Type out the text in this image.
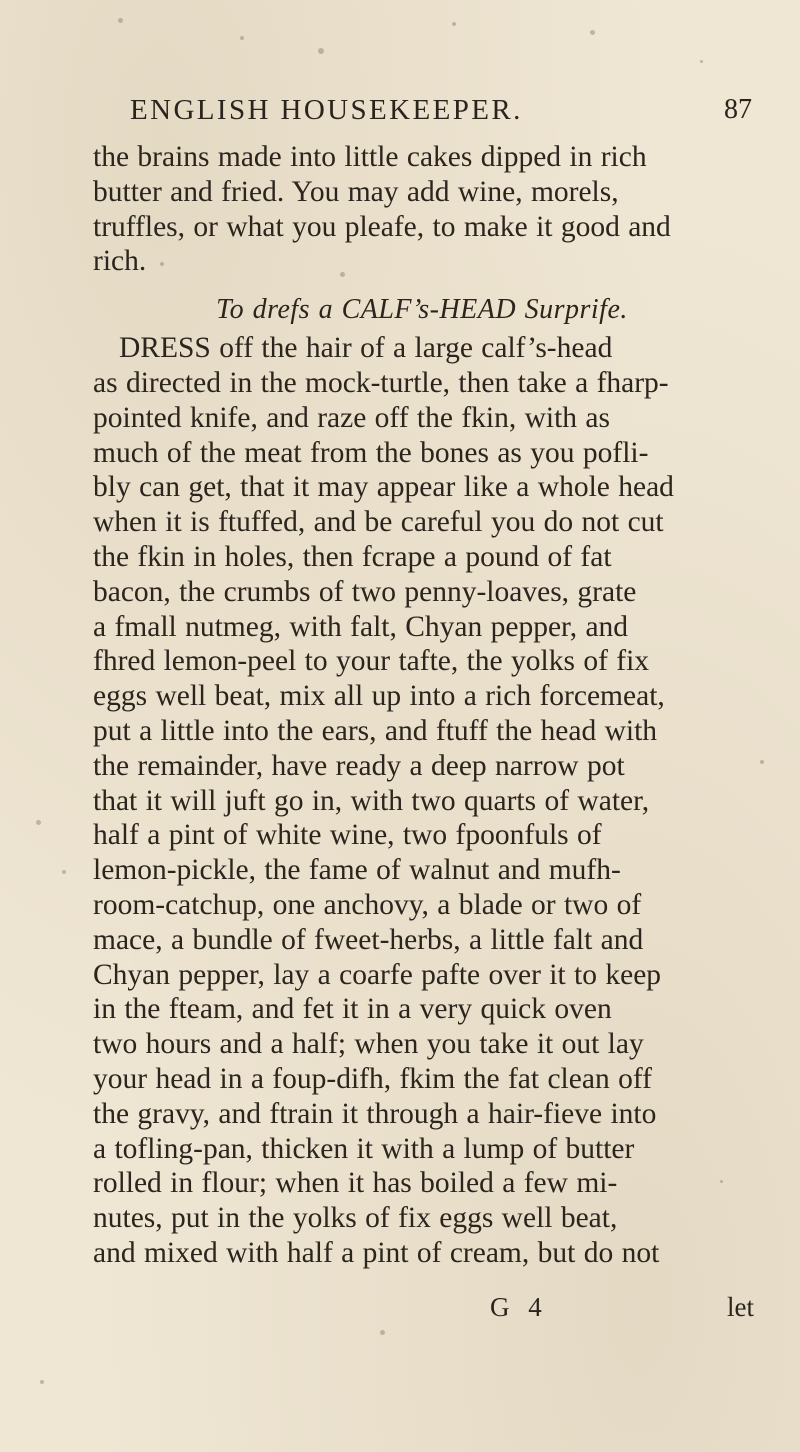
ENGLISH HOUSEKEEPER.	87
the brains made into little cakes dipped in rich
butter and fried. You may add wine, morels,
truffles, or what you pleafe, to make it good and
rich.
To drefs a CALF’s-HEAD Surprife.
DRESS off the hair of a large calf’s-head
as directed in the mock-turtle, then take a fharp-
pointed knife, and raze off the fkin, with as
much of the meat from the bones as you pofli-
bly can get, that it may appear like a whole head
when it is ftuffed, and be careful you do not cut
the fkin in holes, then fcrape a pound of fat
bacon, the crumbs of two penny-loaves, grate
a fmall nutmeg, with falt, Chyan pepper, and
fhred lemon-peel to your tafte, the yolks of fix
eggs well beat, mix all up into a rich forcemeat,
put a little into the ears, and ftuff the head with
the remainder, have ready a deep narrow pot
that it will juft go in, with two quarts of water,
half a pint of white wine, two fpoonfuls of
lemon-pickle, the fame of walnut and mufh-
room-catchup, one anchovy, a blade or two of
mace, a bundle of fweet-herbs, a little falt and
Chyan pepper, lay a coarfe pafte over it to keep
in the fteam, and fet it in a very quick oven
two hours and a half; when you take it out lay
your head in a foup-difh, fkim the fat clean off
the gravy, and ftrain it through a hair-fieve into
a tofling-pan, thicken it with a lump of butter
rolled in flour; when it has boiled a few mi-
nutes, put in the yolks of fix eggs well beat,
and mixed with half a pint of cream, but do not
G 4	let
